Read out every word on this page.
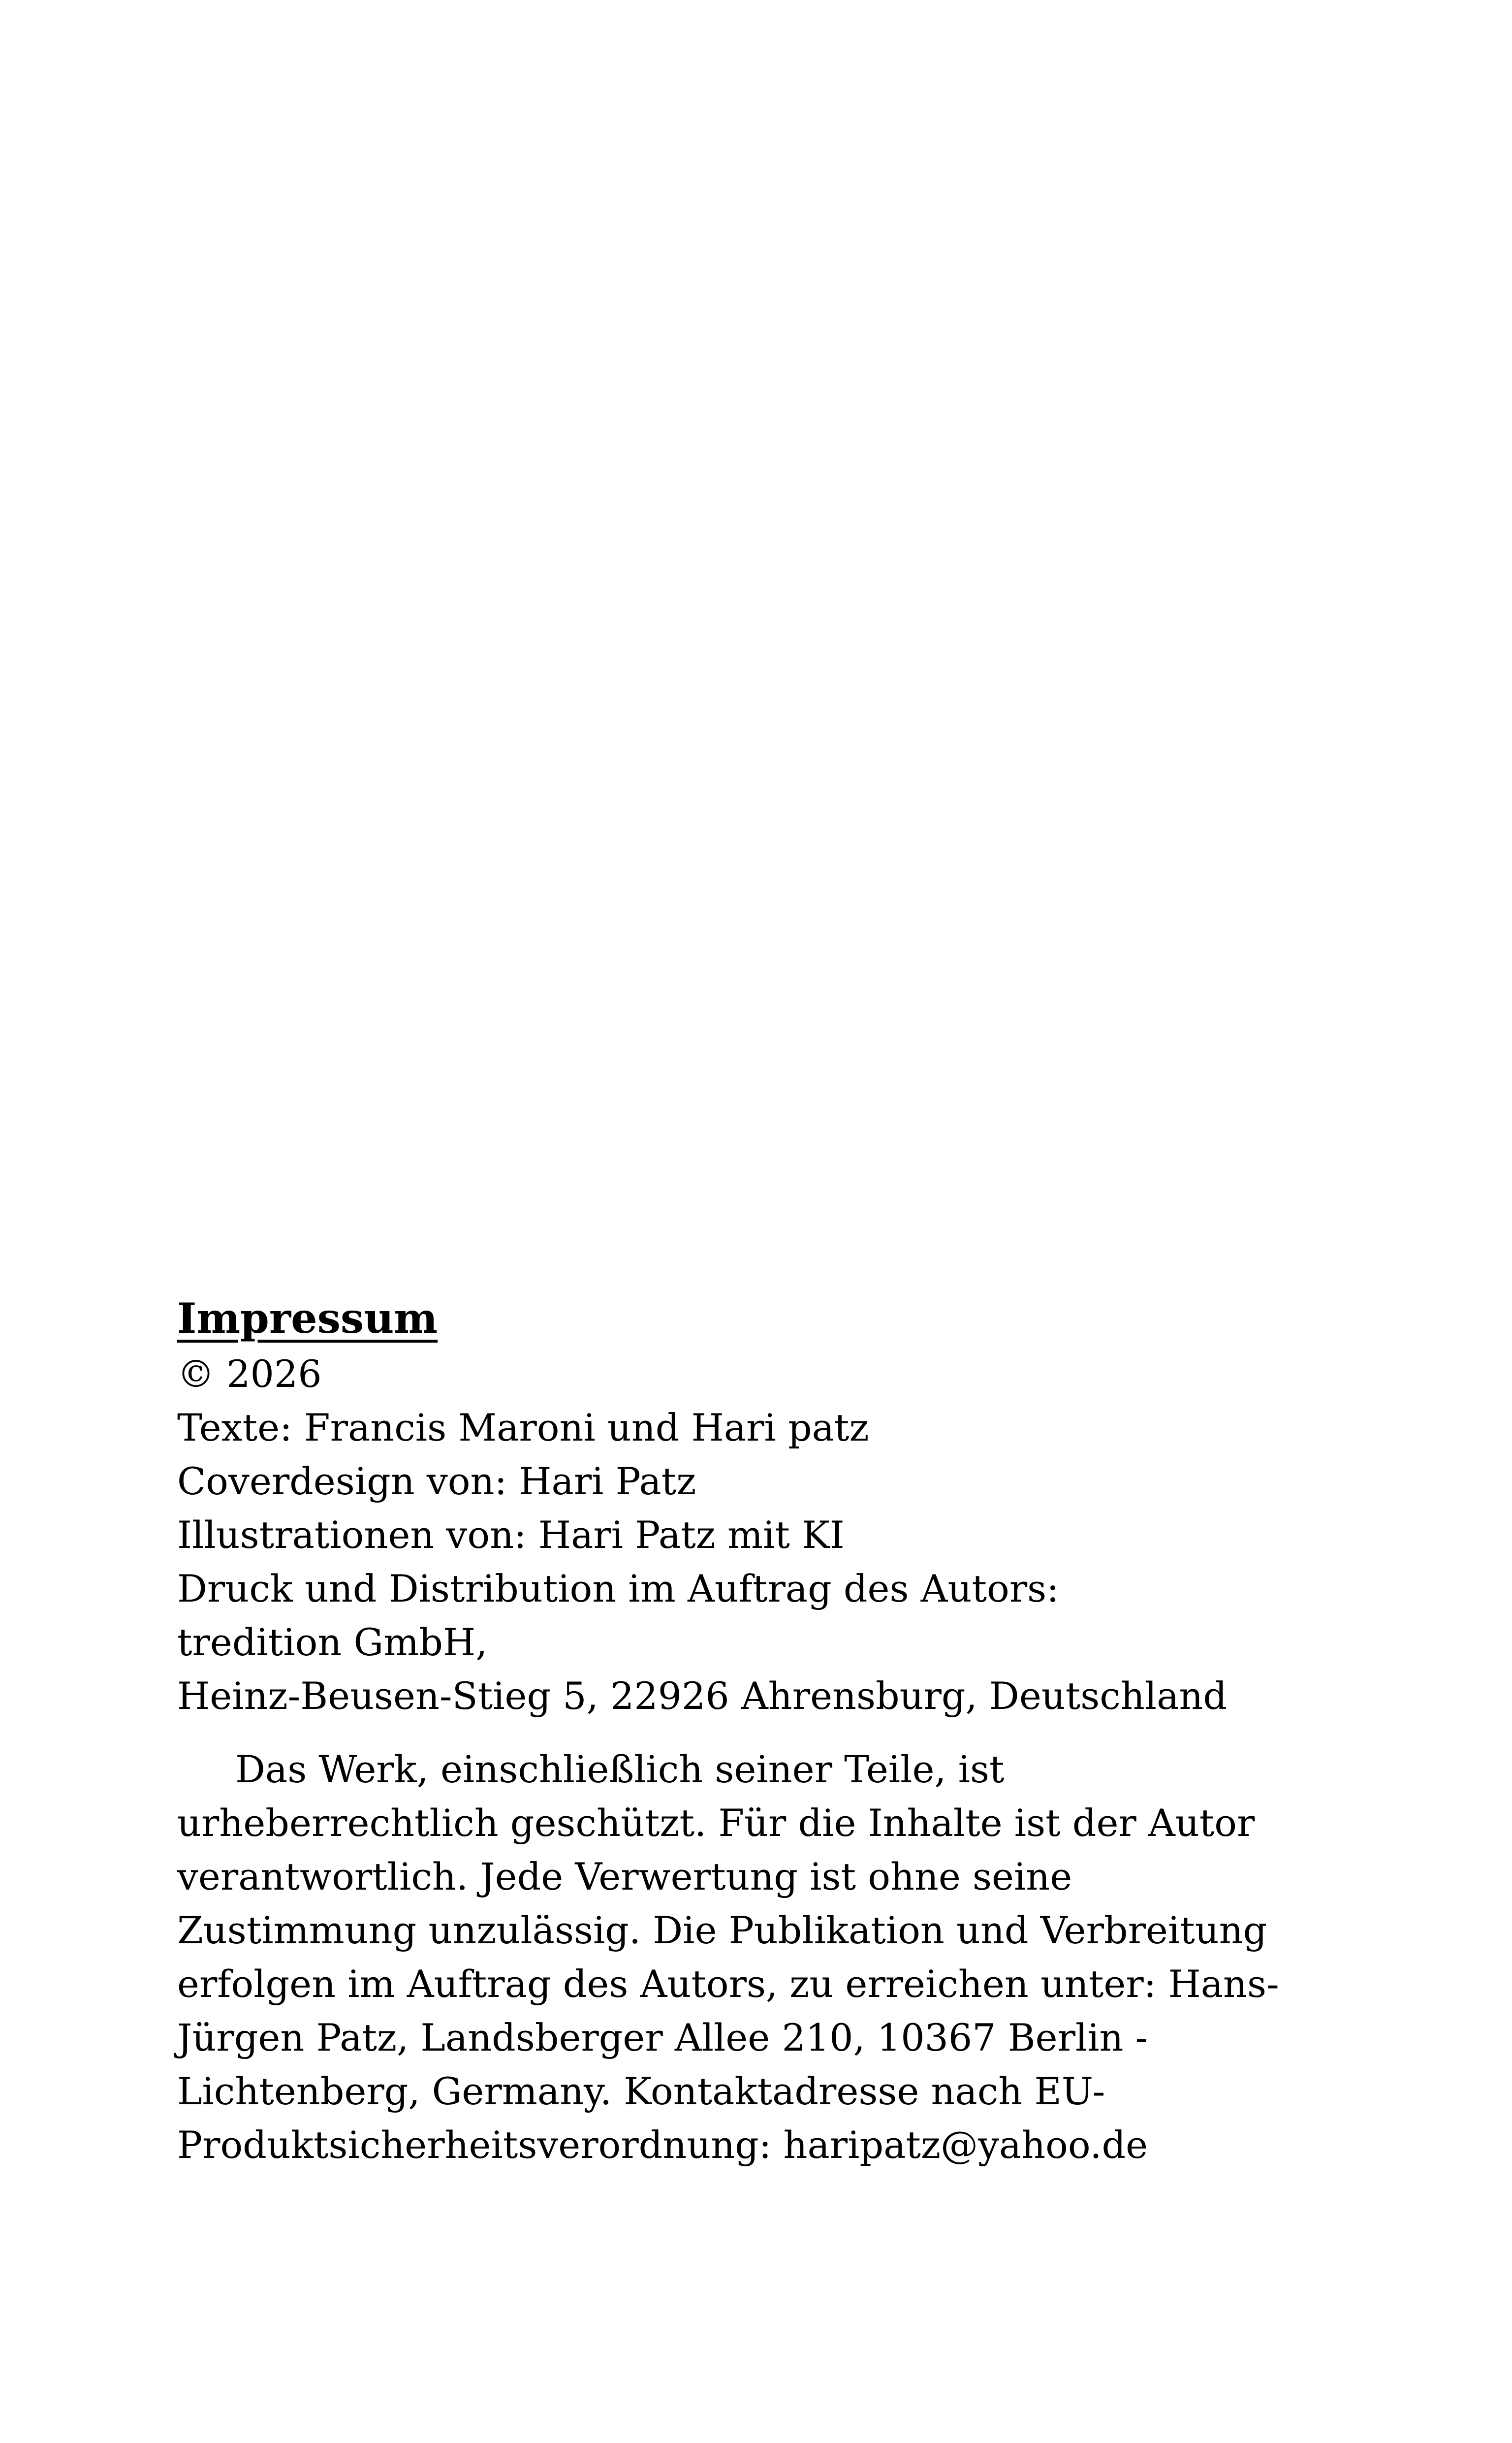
Impressum
© 2026
Texte: Francis Maroni und Hari patz
Coverdesign von: Hari Patz
Illustrationen von: Hari Patz mit KI
Druck und Distribution im Auftrag des Autors:
tredition GmbH,
Heinz-Beusen-Stieg 5, 22926 Ahrensburg, Deutschland

Das Werk, einschließlich seiner Teile, ist urheberrechtlich geschützt. Für die Inhalte ist der Autor verantwortlich. Jede Verwertung ist ohne seine Zustimmung unzulässig. Die Publikation und Verbreitung erfolgen im Auftrag des Autors, zu erreichen unter: Hans-Jürgen Patz, Landsberger Allee 210, 10367 Berlin - Lichtenberg, Germany. Kontaktadresse nach EU-Produktsicherheitsverordnung: haripatz@yahoo.de
